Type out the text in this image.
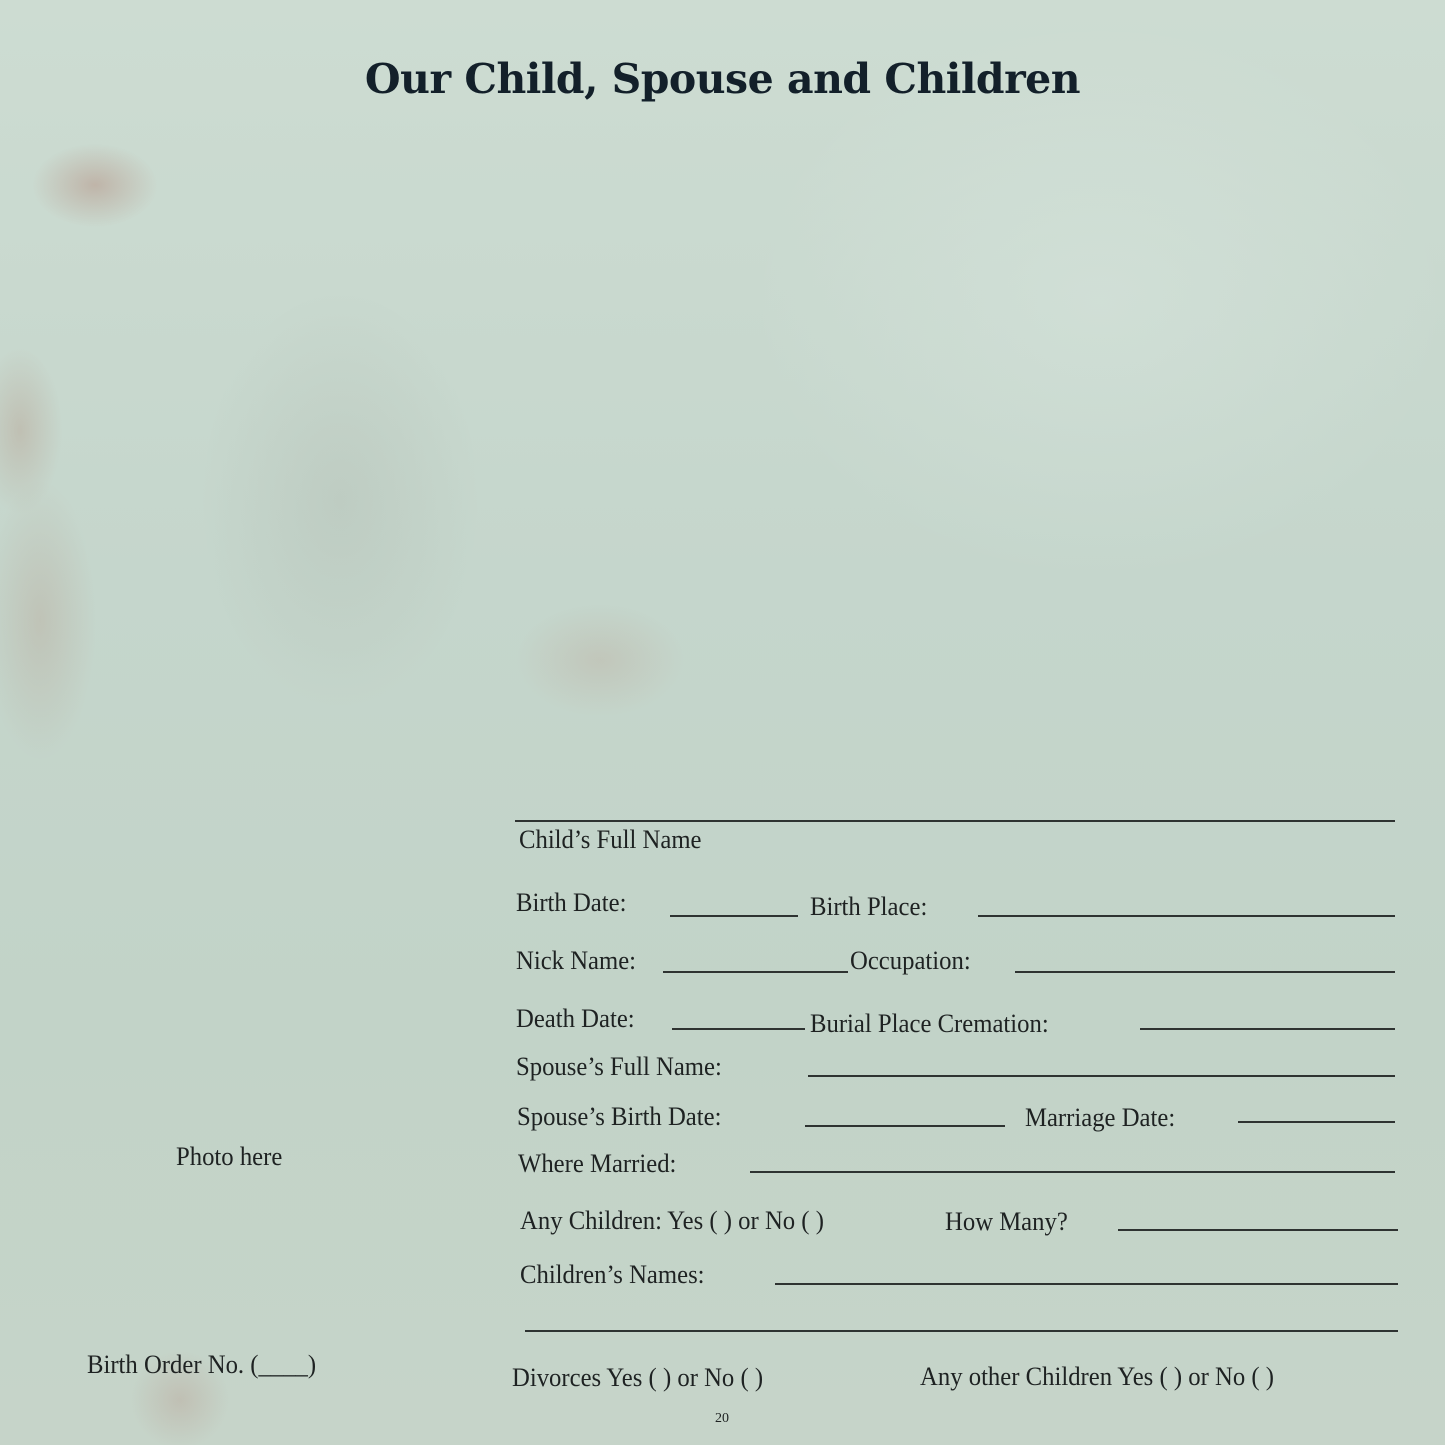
Our Child, Spouse and Children
Photo here
Birth Order No. (____)
Child’s Full Name
Birth Date:	Birth Place:
Nick Name:	Occupation:
Death Date:	Burial Place Cremation:
Spouse’s Full Name:
Spouse’s Birth Date:	Marriage Date:
Where Married:
Any Children: Yes ( ) or No ( )	How Many?
Children’s Names:
Divorces Yes ( ) or No ( )	Any other Children Yes ( ) or No ( )
20
